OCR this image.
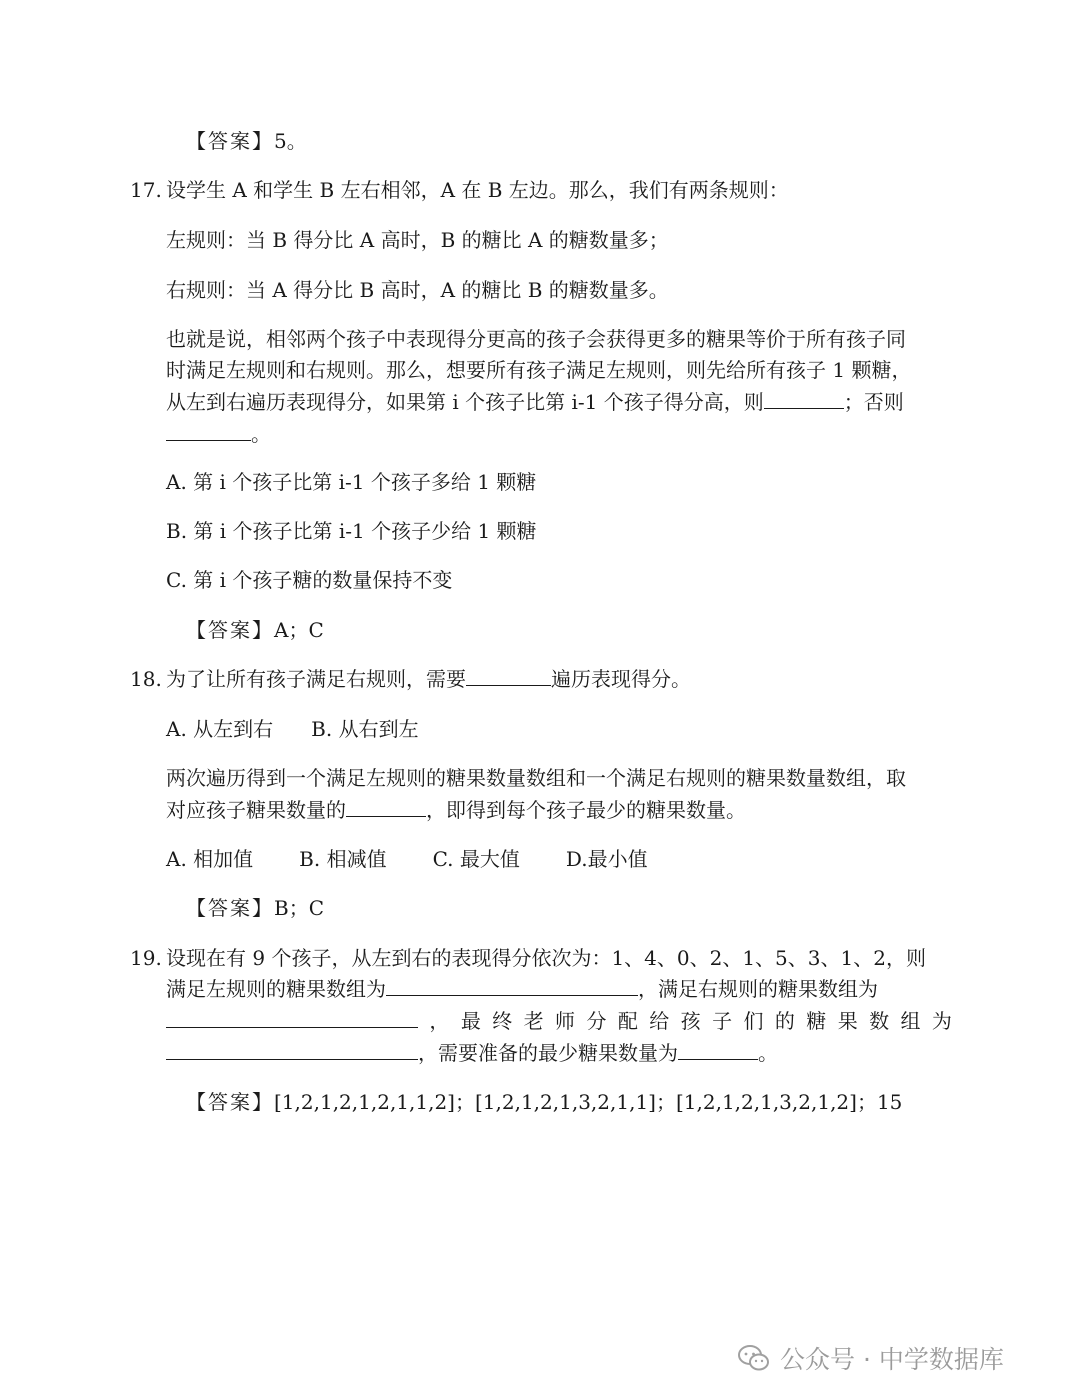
【答案】5。
17. 设学生 A 和学生 B 左右相邻，A 在 B 左边。那么，我们有两条规则：
左规则：当 B 得分比 A 高时，B 的糖比 A 的糖数量多；
右规则：当 A 得分比 B 高时，A 的糖比 B 的糖数量多。
也就是说，相邻两个孩子中表现得分更高的孩子会获得更多的糖果等价于所有孩子同
时满足左规则和右规则。那么，想要所有孩子满足左规则，则先给所有孩子 1 颗糖，
从左到右遍历表现得分，如果第 i 个孩子比第 i-1 个孩子得分高，则	；否则
。
A. 第 i 个孩子比第 i-1 个孩子多给 1 颗糖
B. 第 i 个孩子比第 i-1 个孩子少给 1 颗糖
C. 第 i 个孩子糖的数量保持不变
【答案】A；C
18. 为了让所有孩子满足右规则，需要	遍历表现得分。
A. 从左到右 B. 从右到左
两次遍历得到一个满足左规则的糖果数量数组和一个满足右规则的糖果数量数组，取
对应孩子糖果数量的	，即得到每个孩子最少的糖果数量。
A. 相加值 B. 相减值 C. 最大值 D.最小值
【答案】B；C
19. 设现在有 9 个孩子，从左到右的表现得分依次为：1、4、0、2、1、5、3、1、2，则
满足左规则的糖果数组为	，满足右规则的糖果数组为
， 最 终 老 师 分 配 给 孩 子 们 的 糖 果 数 组 为
，需要准备的最少糖果数量为	。
【答案】[1,2,1,2,1,2,1,1,2]；[1,2,1,2,1,3,2,1,1]；[1,2,1,2,1,3,2,1,2]；15
公众号 · 中学数据库
